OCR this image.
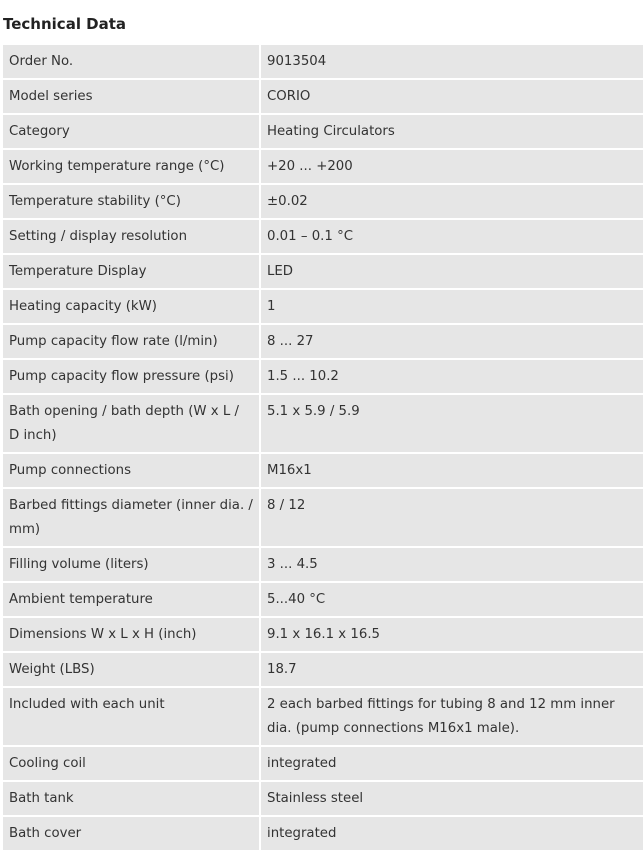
Technical Data
Order No.	9013504
Model series	CORIO
Category	Heating Circulators
Working temperature range (°C)	+20 ... +200
Temperature stability (°C)	±0.02
Setting / display resolution	0.01 – 0.1 °C
Temperature Display	LED
Heating capacity (kW)	1
Pump capacity flow rate (l/min)	8 ... 27
Pump capacity flow pressure (psi)	1.5 ... 10.2
Bath opening / bath depth (W x L / D inch)	5.1 x 5.9 / 5.9
Pump connections	M16x1
Barbed fittings diameter (inner dia. / mm)	8 / 12
Filling volume (liters)	3 ... 4.5
Ambient temperature	5...40 °C
Dimensions W x L x H (inch)	9.1 x 16.1 x 16.5
Weight (LBS)	18.7
Included with each unit	2 each barbed fittings for tubing 8 and 12 mm inner dia. (pump connections M16x1 male).
Cooling coil	integrated
Bath tank	Stainless steel
Bath cover	integrated
